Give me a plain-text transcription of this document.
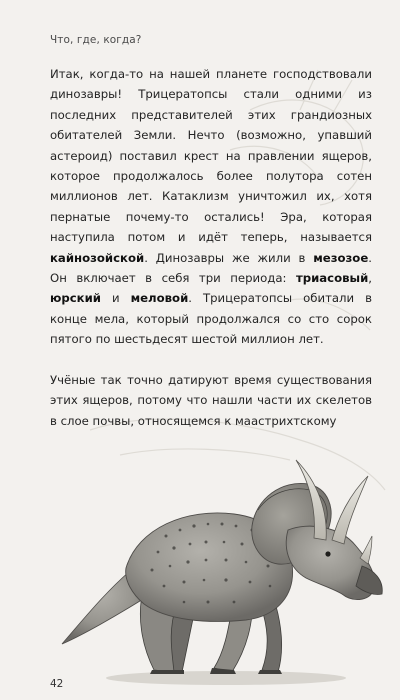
Что, где, когда?

Итак, когда-то на нашей планете господствовали динозавры! Трицератопсы стали одними из последних представителей этих грандиозных обитателей Земли. Нечто (возможно, упавший астероид) поставил крест на правлении ящеров, которое продолжалось более полутора сотен миллионов лет. Катаклизм уничтожил их, хотя пернатые почему-то остались! Эра, которая наступила потом и идёт теперь, называется кайнозойской. Динозавры же жили в мезозое. Он включает в себя три периода: триасовый, юрский и меловой. Трицератопсы обитали в конце мела, который продолжался со сто сорок пятого по шестьдесят шестой миллион лет.

Учёные так точно датируют время существования этих ящеров, потому что нашли части их скелетов в слое почвы, относящемся к маастрихтскому

42
